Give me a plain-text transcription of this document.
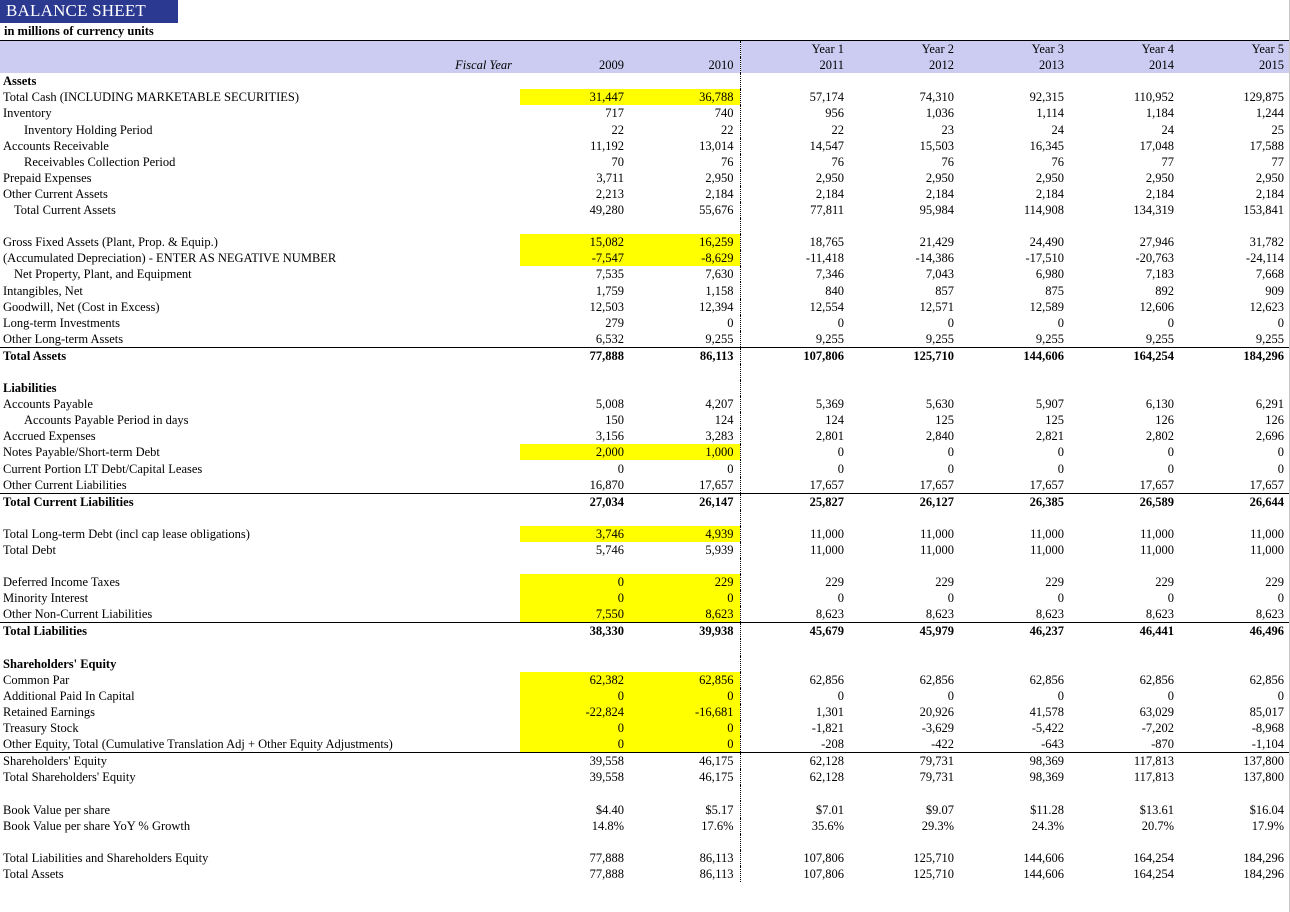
BALANCE SHEET
in millions of currency units
			Year 1	Year 2	Year 3	Year 4	Year 5
Fiscal Year	2009	2010	2011	2012	2013	2014	2015
Assets							
Total Cash (INCLUDING MARKETABLE SECURITIES)	31,447	36,788	57,174	74,310	92,315	110,952	129,875
Inventory	717	740	956	1,036	1,114	1,184	1,244
Inventory Holding Period	22	22	22	23	24	24	25
Accounts Receivable	11,192	13,014	14,547	15,503	16,345	17,048	17,588
Receivables Collection Period	70	76	76	76	76	77	77
Prepaid Expenses	3,711	2,950	2,950	2,950	2,950	2,950	2,950
Other Current Assets	2,213	2,184	2,184	2,184	2,184	2,184	2,184
Total Current Assets	49,280	55,676	77,811	95,984	114,908	134,319	153,841

Gross Fixed Assets (Plant, Prop. & Equip.)	15,082	16,259	18,765	21,429	24,490	27,946	31,782
(Accumulated Depreciation) - ENTER AS NEGATIVE NUMBER	-7,547	-8,629	-11,418	-14,386	-17,510	-20,763	-24,114
Net Property, Plant, and Equipment	7,535	7,630	7,346	7,043	6,980	7,183	7,668
Intangibles, Net	1,759	1,158	840	857	875	892	909
Goodwill, Net (Cost in Excess)	12,503	12,394	12,554	12,571	12,589	12,606	12,623
Long-term Investments	279	0	0	0	0	0	0
Other Long-term Assets	6,532	9,255	9,255	9,255	9,255	9,255	9,255
Total Assets	77,888	86,113	107,806	125,710	144,606	164,254	184,296

Liabilities							
Accounts Payable	5,008	4,207	5,369	5,630	5,907	6,130	6,291
Accounts Payable Period in days	150	124	124	125	125	126	126
Accrued Expenses	3,156	3,283	2,801	2,840	2,821	2,802	2,696
Notes Payable/Short-term Debt	2,000	1,000	0	0	0	0	0
Current Portion LT Debt/Capital Leases	0	0	0	0	0	0	0
Other Current Liabilities	16,870	17,657	17,657	17,657	17,657	17,657	17,657
Total Current Liabilities	27,034	26,147	25,827	26,127	26,385	26,589	26,644

Total Long-term Debt (incl cap lease obligations)	3,746	4,939	11,000	11,000	11,000	11,000	11,000
Total Debt	5,746	5,939	11,000	11,000	11,000	11,000	11,000

Deferred Income Taxes	0	229	229	229	229	229	229
Minority Interest	0	0	0	0	0	0	0
Other Non-Current Liabilities	7,550	8,623	8,623	8,623	8,623	8,623	8,623
Total Liabilities	38,330	39,938	45,679	45,979	46,237	46,441	46,496

Shareholders' Equity							
Common Par	62,382	62,856	62,856	62,856	62,856	62,856	62,856
Additional Paid In Capital	0	0	0	0	0	0	0
Retained Earnings	-22,824	-16,681	1,301	20,926	41,578	63,029	85,017
Treasury Stock	0	0	-1,821	-3,629	-5,422	-7,202	-8,968
Other Equity, Total (Cumulative Translation Adj + Other Equity Adjustments)	0	0	-208	-422	-643	-870	-1,104
Shareholders' Equity	39,558	46,175	62,128	79,731	98,369	117,813	137,800
Total Shareholders' Equity	39,558	46,175	62,128	79,731	98,369	117,813	137,800

Book Value per share	$4.40	$5.17	$7.01	$9.07	$11.28	$13.61	$16.04
Book Value per share YoY % Growth	14.8%	17.6%	35.6%	29.3%	24.3%	20.7%	17.9%

Total Liabilities and Shareholders Equity	77,888	86,113	107,806	125,710	144,606	164,254	184,296
Total Assets	77,888	86,113	107,806	125,710	144,606	164,254	184,296
